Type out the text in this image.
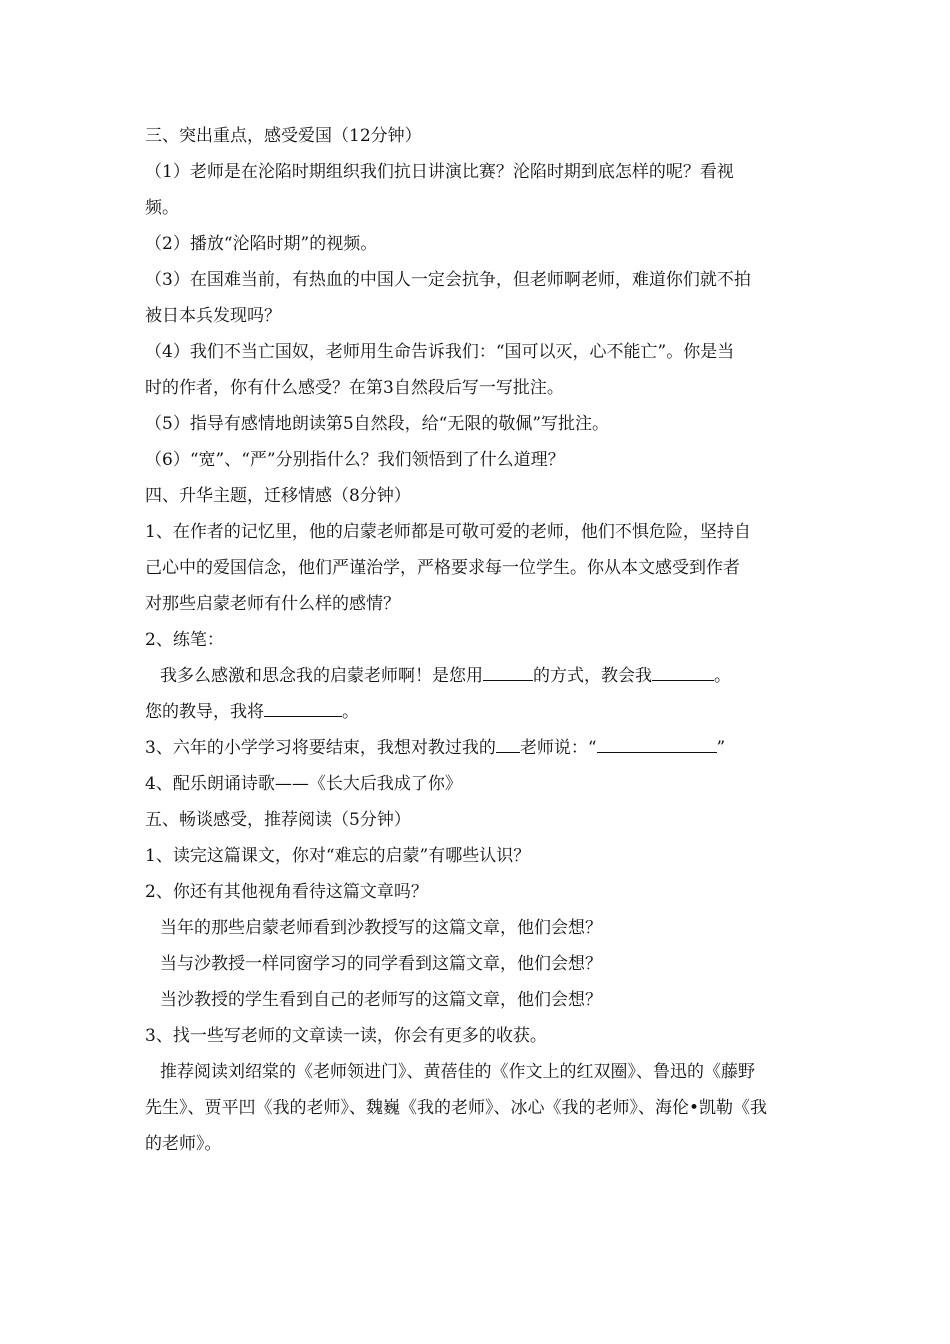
三、突出重点，感受爱国（12分钟）
（1）老师是在沦陷时期组织我们抗日讲演比赛？沦陷时期到底怎样的呢？看视
频。
（2）播放“沦陷时期”的视频。
（3）在国难当前，有热血的中国人一定会抗争，但老师啊老师，难道你们就不拍
被日本兵发现吗？
（4）我们不当亡国奴，老师用生命告诉我们：“国可以灭，心不能亡”。你是当
时的作者，你有什么感受？在第3自然段后写一写批注。
（5）指导有感情地朗读第5自然段，给“无限的敬佩”写批注。
（6）“宽”、“严”分别指什么？我们领悟到了什么道理？
四、升华主题，迁移情感（8分钟）
1、在作者的记忆里，他的启蒙老师都是可敬可爱的老师，他们不惧危险，坚持自
己心中的爱国信念，他们严谨治学，严格要求每一位学生。你从本文感受到作者
对那些启蒙老师有什么样的感情？
2、练笔：
我多么感激和思念我的启蒙老师啊！是您用	的方式，教会我	。
您的教导，我将	。
3、六年的小学学习将要结束，我想对教过我的 老师说：“	”
4、配乐朗诵诗歌——《长大后我成了你》
五、畅谈感受，推荐阅读（5分钟）
1、读完这篇课文，你对“难忘的启蒙”有哪些认识？
2、你还有其他视角看待这篇文章吗？
当年的那些启蒙老师看到沙教授写的这篇文章，他们会想？
当与沙教授一样同窗学习的同学看到这篇文章，他们会想？
当沙教授的学生看到自己的老师写的这篇文章，他们会想？
3、找一些写老师的文章读一读，你会有更多的收获。
推荐阅读刘绍棠的《老师领进门》、黄蓓佳的《作文上的红双圈》、鲁迅的《藤野
先生》、贾平凹《我的老师》、魏巍《我的老师》、冰心《我的老师》、海伦•凯勒《我
的老师》。
